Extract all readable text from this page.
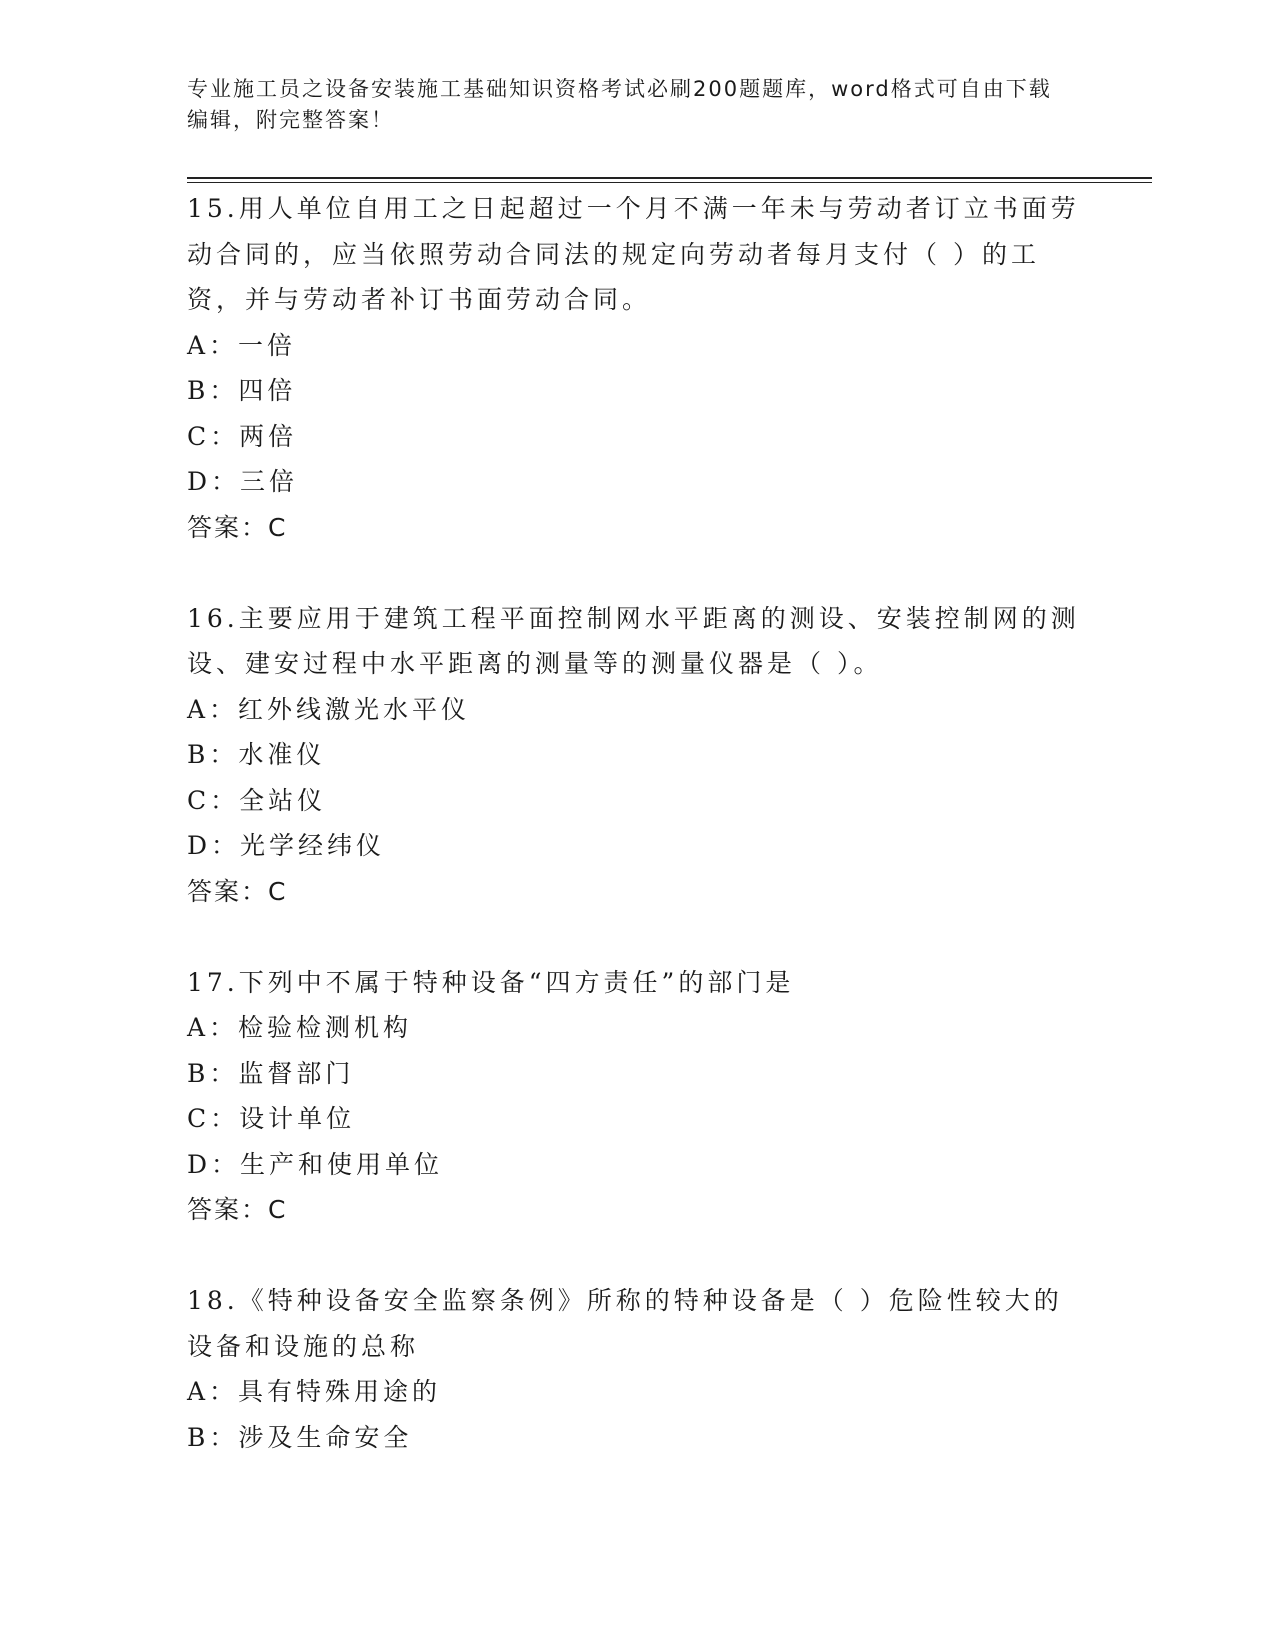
专业施工员之设备安装施工基础知识资格考试必刷200题题库，word格式可自由下载编辑，附完整答案！
15.用人单位自用工之日起超过一个月不满一年未与劳动者订立书面劳动合同的，应当依照劳动合同法的规定向劳动者每月支付（ ）的工资，并与劳动者补订书面劳动合同。
A：一倍
B：四倍
C：两倍
D：三倍
答案：C
16.主要应用于建筑工程平面控制网水平距离的测设、安装控制网的测设、建安过程中水平距离的测量等的测量仪器是（ ）。
A：红外线激光水平仪
B：水准仪
C：全站仪
D：光学经纬仪
答案：C
17.下列中不属于特种设备“四方责任”的部门是
A：检验检测机构
B：监督部门
C：设计单位
D：生产和使用单位
答案：C
18.《特种设备安全监察条例》所称的特种设备是（ ）危险性较大的设备和设施的总称
A：具有特殊用途的
B：涉及生命安全
